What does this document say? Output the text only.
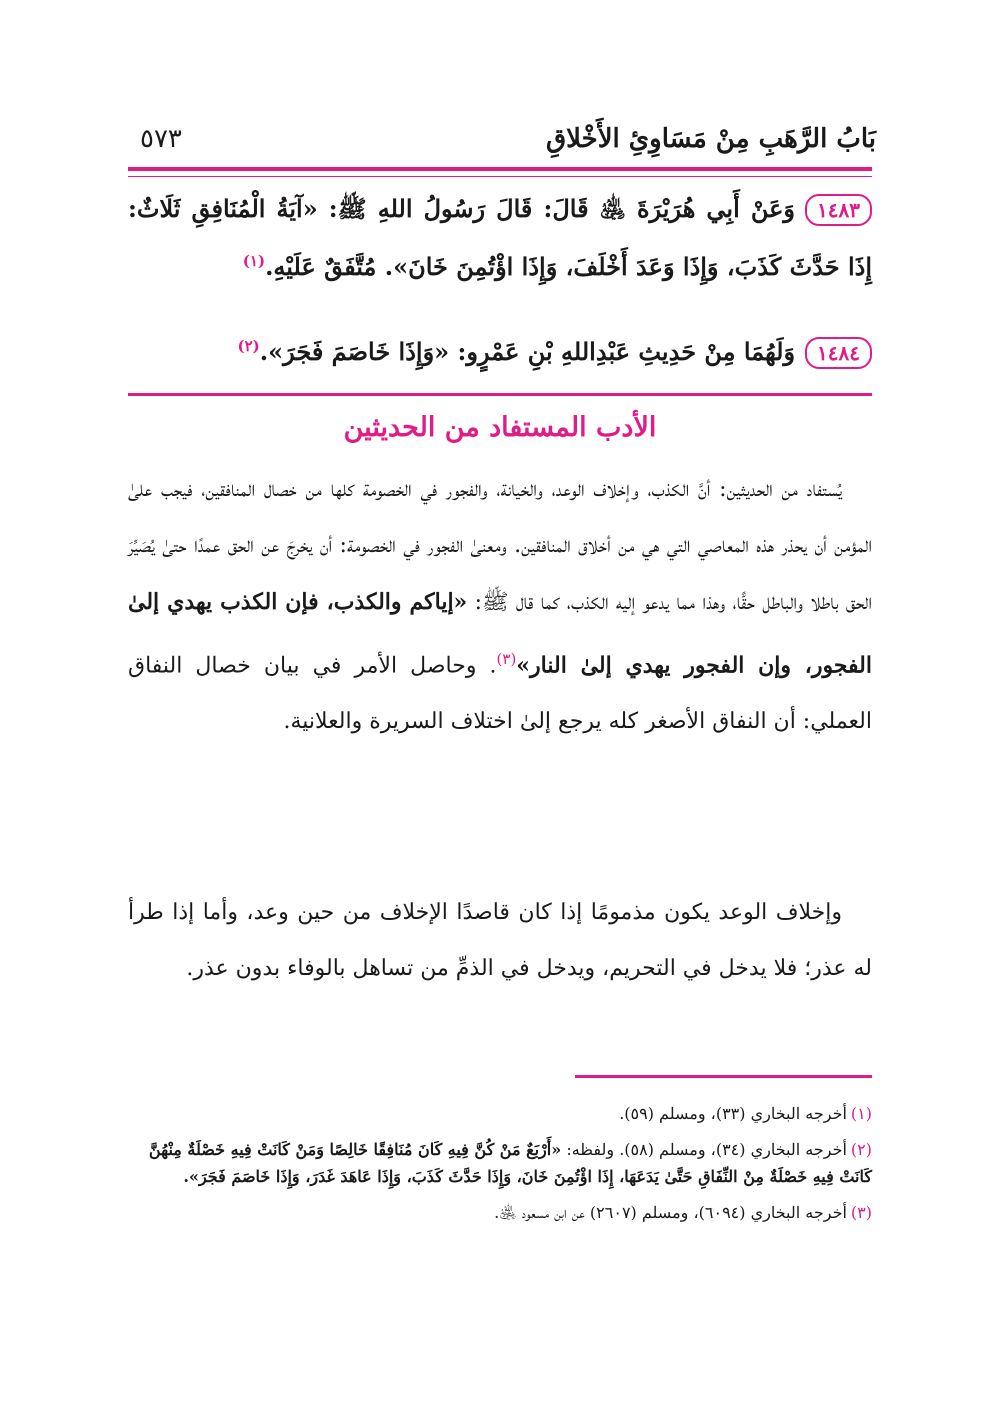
بَابُ الرَّهَبِ مِنْ مَسَاوِئِ الأَخْلاقِ
٥٧٣
١٤٨٣وَعَنْ أَبِي هُرَيْرَةَ ﵁ قَالَ: قَالَ رَسُولُ اللهِ ﷺ: «آيَةُ الْمُنَافِقِ ثَلَاثٌ: إِذَا حَدَّثَ كَذَبَ، وَإِذَا وَعَدَ أَخْلَفَ، وَإِذَا اؤْتُمِنَ خَانَ». مُتَّفَقٌ عَلَيْهِ.$^{(١)}$
١٤٨٤وَلَهُمَا مِنْ حَدِيثِ عَبْدِاللهِ بْنِ عَمْرٍو: «وَإِذَا خَاصَمَ فَجَرَ».$^{(٢)}$
الأدب المستفاد من الحديثين
يُستفاد من الحديثين: أنَّ الكذب، وإخلاف الوعد، والخيانة، والفجور في الخصومة كلها من خصال المنافقين، فيجب علىٰ المؤمن أن يحذر هذه المعاصي التي هي من أخلاق المنافقين. ومعنىٰ الفجور في الخصومة: أن يخرجَ عن الحق عمدًا حتىٰ يُصَيِّرَ الحق باطلا والباطل حقًّا، وهذا مما يدعو إليه الكذب، كما قال ﷺ: «إياكم والكذب، فإن الكذب يهدي إلىٰ الفجور، وإن الفجور يهدي إلىٰ النار»$^{(٣)}$. وحاصل الأمر في بيان خصال النفاق العملي: أن النفاق الأصغر كله يرجع إلىٰ اختلاف السريرة والعلانية.
وإخلاف الوعد يكون مذمومًا إذا كان قاصدًا الإخلاف من حين وعد، وأما إذا طرأ له عذر؛ فلا يدخل في التحريم، ويدخل في الذمِّ من تساهل بالوفاء بدون عذر.
(١)أخرجه البخاري (٣٣)، ومسلم (٥٩).
(٢)أخرجه البخاري (٣٤)، ومسلم (٥٨). ولفظه: «أَرْبَعٌ مَنْ كُنَّ فِيهِ كَانَ مُنَافِقًا خَالِصًا وَمَنْ كَانَتْ فِيهِ خَصْلَةٌ مِنْهُنَّ كَانَتْ فِيهِ خَصْلَةٌ مِنْ النِّفَاقِ حَتَّىٰ يَدَعَهَا، إِذَا اؤْتُمِنَ خَانَ، وَإِذَا حَدَّثَ كَذَبَ، وَإِذَا عَاهَدَ غَدَرَ، وَإِذَا خَاصَمَ فَجَرَ».
(٣)أخرجه البخاري (٦٠٩٤)، ومسلم (٢٦٠٧) عن ابن مسعود ﵁.
